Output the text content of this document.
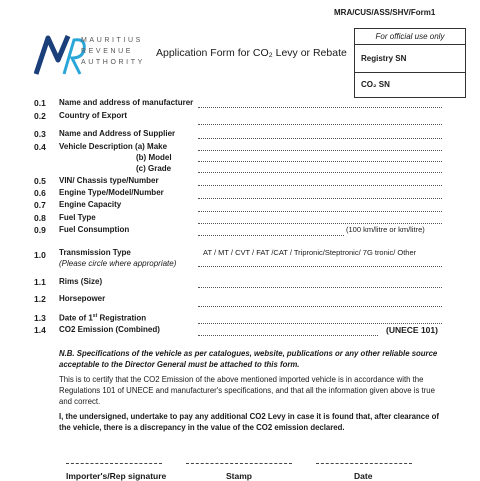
MRA/CUS/ASS/SHV/Form1
For official use only
Registry SN
CO₂ SN
MAURITIUS
REVENUE
AUTHORITY
Application Form for CO₂ Levy or Rebate
0.1 Name and address of manufacturer
0.2 Country of Export
0.3 Name and Address of Supplier
0.4 Vehicle Description (a) Make
(b) Model
(c) Grade
0.5 VIN/ Chassis type/Number
0.6 Engine Type/Model/Number
0.7 Engine Capacity
0.8 Fuel Type
0.9 Fuel Consumption	(100 km/litre or km/litre)
1.0 Transmission Type
(Please circle where appropriate)
AT / MT / CVT / FAT /CAT / Tripronic/Steptronic/ 7G tronic/ Other
1.1 Rims (Size)
1.2 Horsepower
1.3 Date of 1st Registration
1.4 CO2 Emission (Combined)	(UNECE 101)
N.B. Specifications of the vehicle as per catalogues, website, publications or any other reliable source acceptable to the Director General must be attached to this form.
This is to certify that the CO2 Emission of the above mentioned imported vehicle is in accordance with the Regulations 101 of UNECE and manufacturer's specifications, and that all the information given above is true and correct.
I, the undersigned, undertake to pay any additional CO2 Levy in case it is found that, after clearance of the vehicle, there is a discrepancy in the value of the CO2 emission declared.
Importer's/Rep signature	Stamp	Date
